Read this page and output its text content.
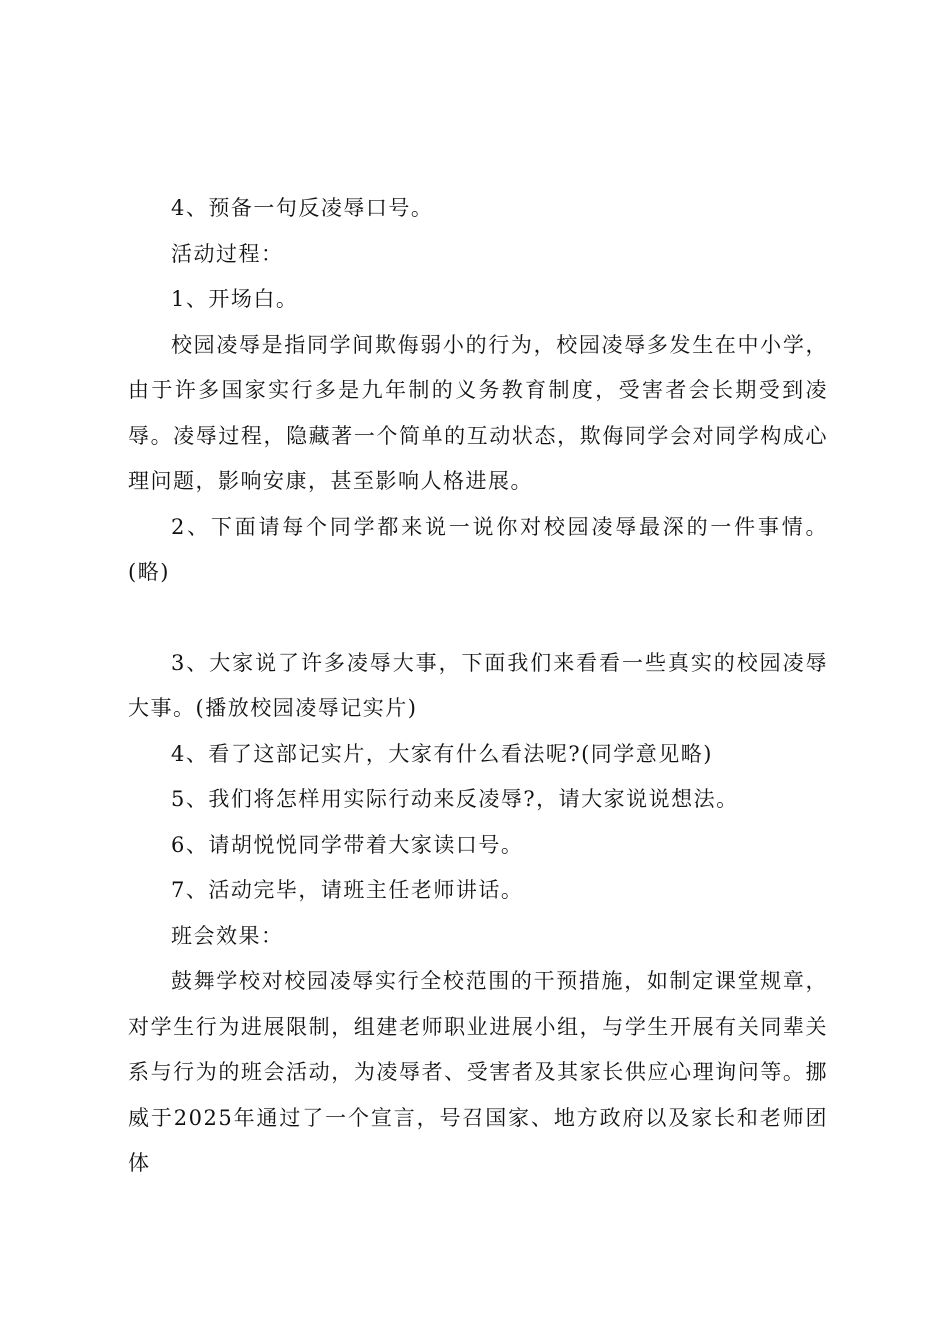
4、预备一句反凌辱口号。

活动过程：

1、开场白。

校园凌辱是指同学间欺侮弱小的行为，校园凌辱多发生在中小学，由于许多国家实行多是九年制的义务教育制度，受害者会长期受到凌辱。凌辱过程，隐藏著一个简单的互动状态，欺侮同学会对同学构成心理问题，影响安康，甚至影响人格进展。

2、下面请每个同学都来说一说你对校园凌辱最深的一件事情。(略)

3、大家说了许多凌辱大事，下面我们来看看一些真实的校园凌辱大事。(播放校园凌辱记实片)

4、看了这部记实片，大家有什么看法呢?(同学意见略)

5、我们将怎样用实际行动来反凌辱?，请大家说说想法。

6、请胡悦悦同学带着大家读口号。

7、活动完毕，请班主任老师讲话。

班会效果：

鼓舞学校对校园凌辱实行全校范围的干预措施，如制定课堂规章，对学生行为进展限制，组建老师职业进展小组，与学生开展有关同辈关系与行为的班会活动，为凌辱者、受害者及其家长供应心理询问等。挪威于2025年通过了一个宣言，号召国家、地方政府以及家长和老师团体
